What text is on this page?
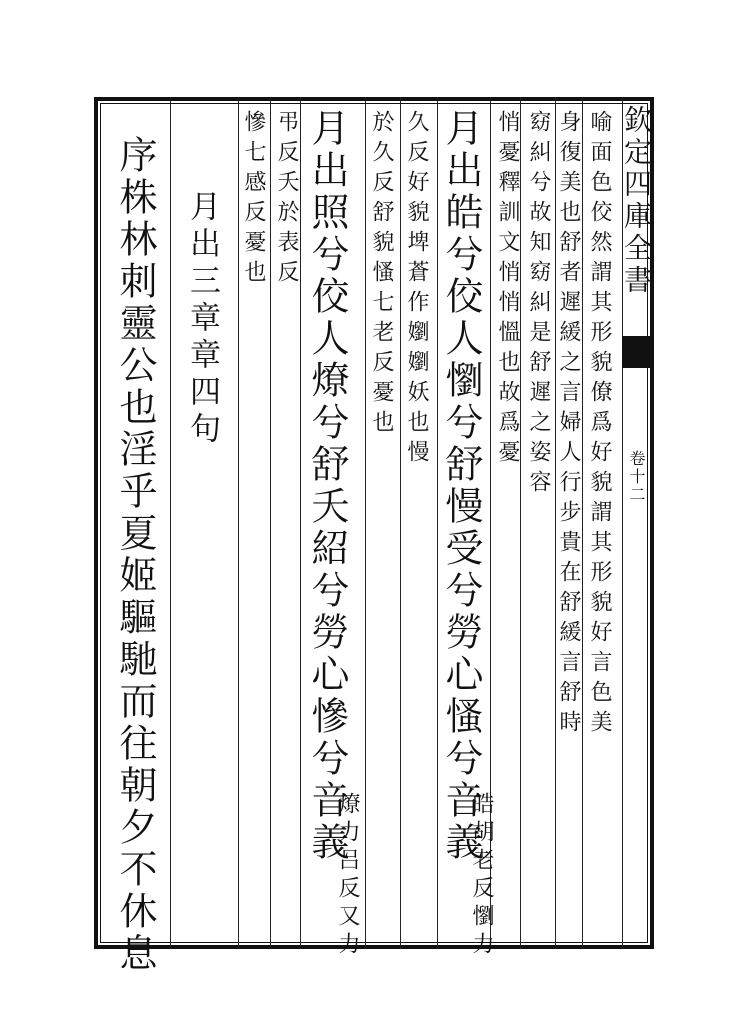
欽定四庫全書
卷十二
喻面色佼然謂其形貌僚爲好貌謂其形貌好言色美
身復美也舒者遲緩之言婦人行步貴在舒緩言舒時
窈糾兮故知窈糾是舒遲之姿容
悄憂釋訓文悄悄慍也故爲憂
月出皓兮佼人懰兮舒慢受兮勞心慅兮音義
皓胡老反懰力
久反好貌埤蒼作嬼嬼妖也慢
於久反舒貌慅七老反憂也
月出照兮佼人燎兮舒夭紹兮勞心慘兮音義
燎力吕反又力
弔反夭於表反
慘七感反憂也
月出三章章四句
序株林刺靈公也淫乎夏姬驅馳而往朝夕不休息
